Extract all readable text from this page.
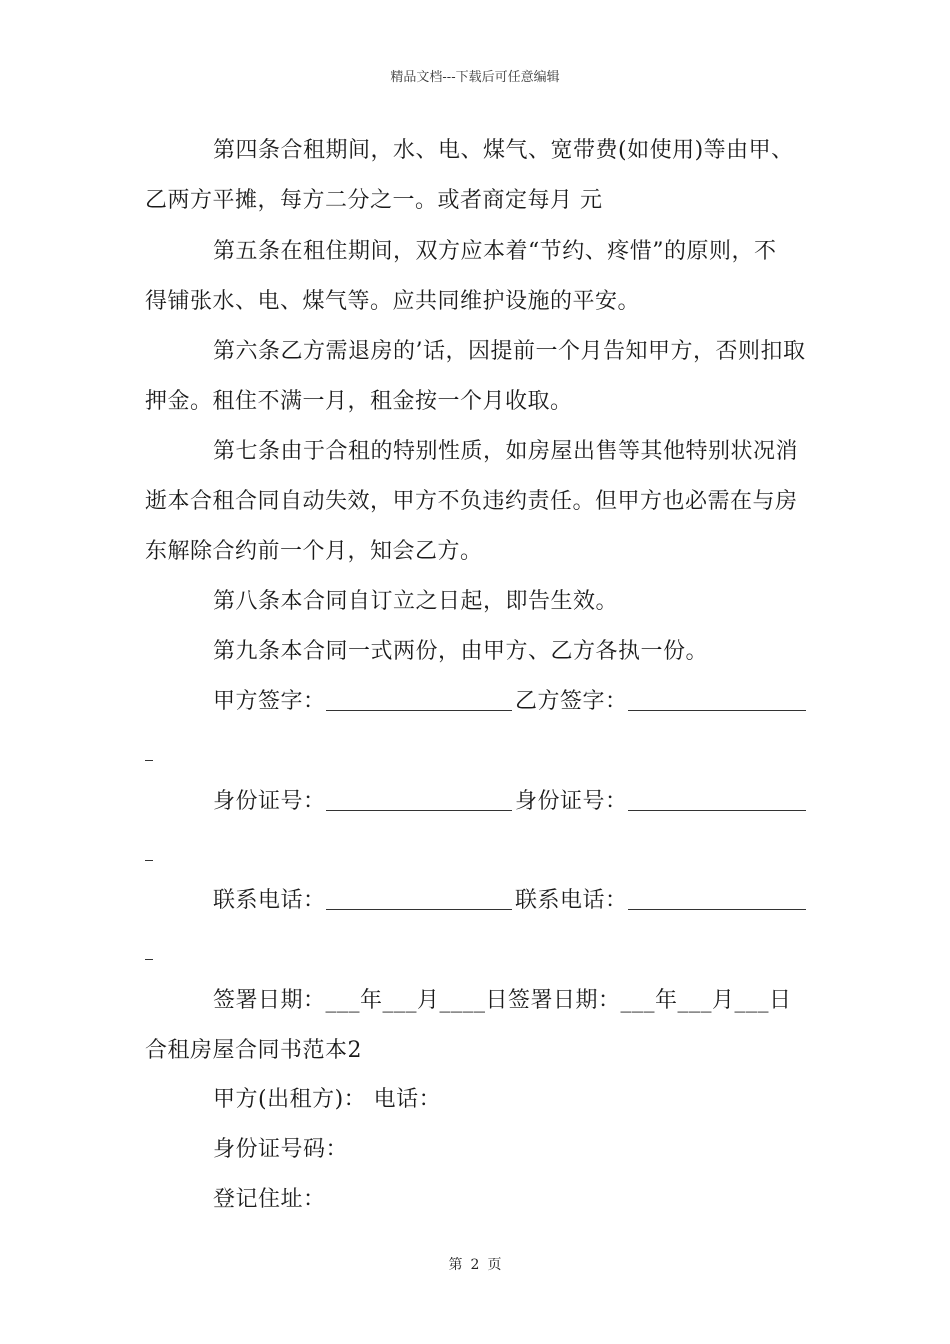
精品文档---下载后可任意编辑
第四条合租期间，水、电、煤气、宽带费(如使用)等由甲、
乙两方平摊，每方二分之一。或者商定每月 元
第五条在租住期间，双方应本着“节约、疼惜”的原则，不
得铺张水、电、煤气等。应共同维护设施的平安。
第六条乙方需退房的’话，因提前一个月告知甲方，否则扣取
押金。租住不满一月，租金按一个月收取。
第七条由于合租的特别性质，如房屋出售等其他特别状况消
逝本合租合同自动失效，甲方不负违约责任。但甲方也必需在与房
东解除合约前一个月，知会乙方。
第八条本合同自订立之日起，即告生效。
第九条本合同一式两份，由甲方、乙方各执一份。
甲方签字：	乙方签字：
身份证号：	身份证号：
联系电话：	联系电话：
签署日期：___年___月____日签署日期：___年___月___日
合租房屋合同书范本2
甲方(出租方)： 电话：
身份证号码：
登记住址：
第 2 页
